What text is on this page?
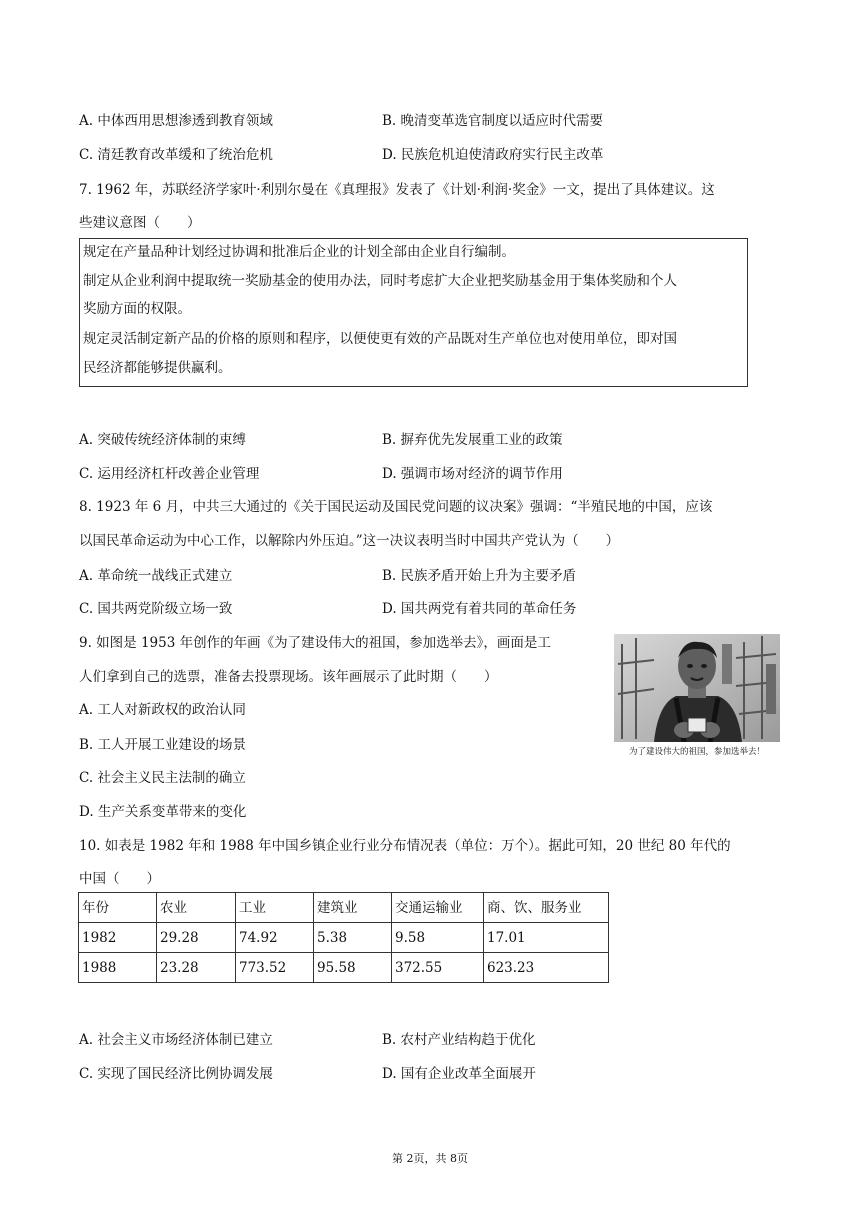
A. 中体西用思想渗透到教育领域	B. 晚清变革选官制度以适应时代需要
C. 清廷教育改革缓和了统治危机	D. 民族危机迫使清政府实行民主改革
7. 1962 年，苏联经济学家叶·利别尔曼在《真理报》发表了《计划·利润·奖金》一文，提出了具体建议。这
些建议意图（　　）
规定在产量品种计划经过协调和批准后企业的计划全部由企业自行编制。
制定从企业利润中提取统一奖励基金的使用办法，同时考虑扩大企业把奖励基金用于集体奖励和个人
奖励方面的权限。
规定灵活制定新产品的价格的原则和程序，以便使更有效的产品既对生产单位也对使用单位，即对国
民经济都能够提供赢利。
A. 突破传统经济体制的束缚	B. 摒弃优先发展重工业的政策
C. 运用经济杠杆改善企业管理	D. 强调市场对经济的调节作用
8. 1923 年 6 月，中共三大通过的《关于国民运动及国民党问题的议决案》强调：“半殖民地的中国，应该
以国民革命运动为中心工作，以解除内外压迫。”这一决议表明当时中国共产党认为（　　）
A. 革命统一战线正式建立	B. 民族矛盾开始上升为主要矛盾
C. 国共两党阶级立场一致	D. 国共两党有着共同的革命任务
9. 如图是 1953 年创作的年画《为了建设伟大的祖国，参加选举去》，画面是工
人们拿到自己的选票，准备去投票现场。该年画展示了此时期（　　）
A. 工人对新政权的政治认同
B. 工人开展工业建设的场景
C. 社会主义民主法制的确立
D. 生产关系变革带来的变化
为了建设伟大的祖国，参加选举去！
10. 如表是 1982 年和 1988 年中国乡镇企业行业分布情况表（单位：万个）。据此可知，20 世纪 80 年代的
中国（　　）
年份	农业	工业	建筑业	交通运输业	商、饮、服务业
1982	29.28	74.92	5.38	9.58	17.01
1988	23.28	773.52	95.58	372.55	623.23
A. 社会主义市场经济体制已建立	B. 农村产业结构趋于优化
C. 实现了国民经济比例协调发展	D. 国有企业改革全面展开
第 2页，共 8页
